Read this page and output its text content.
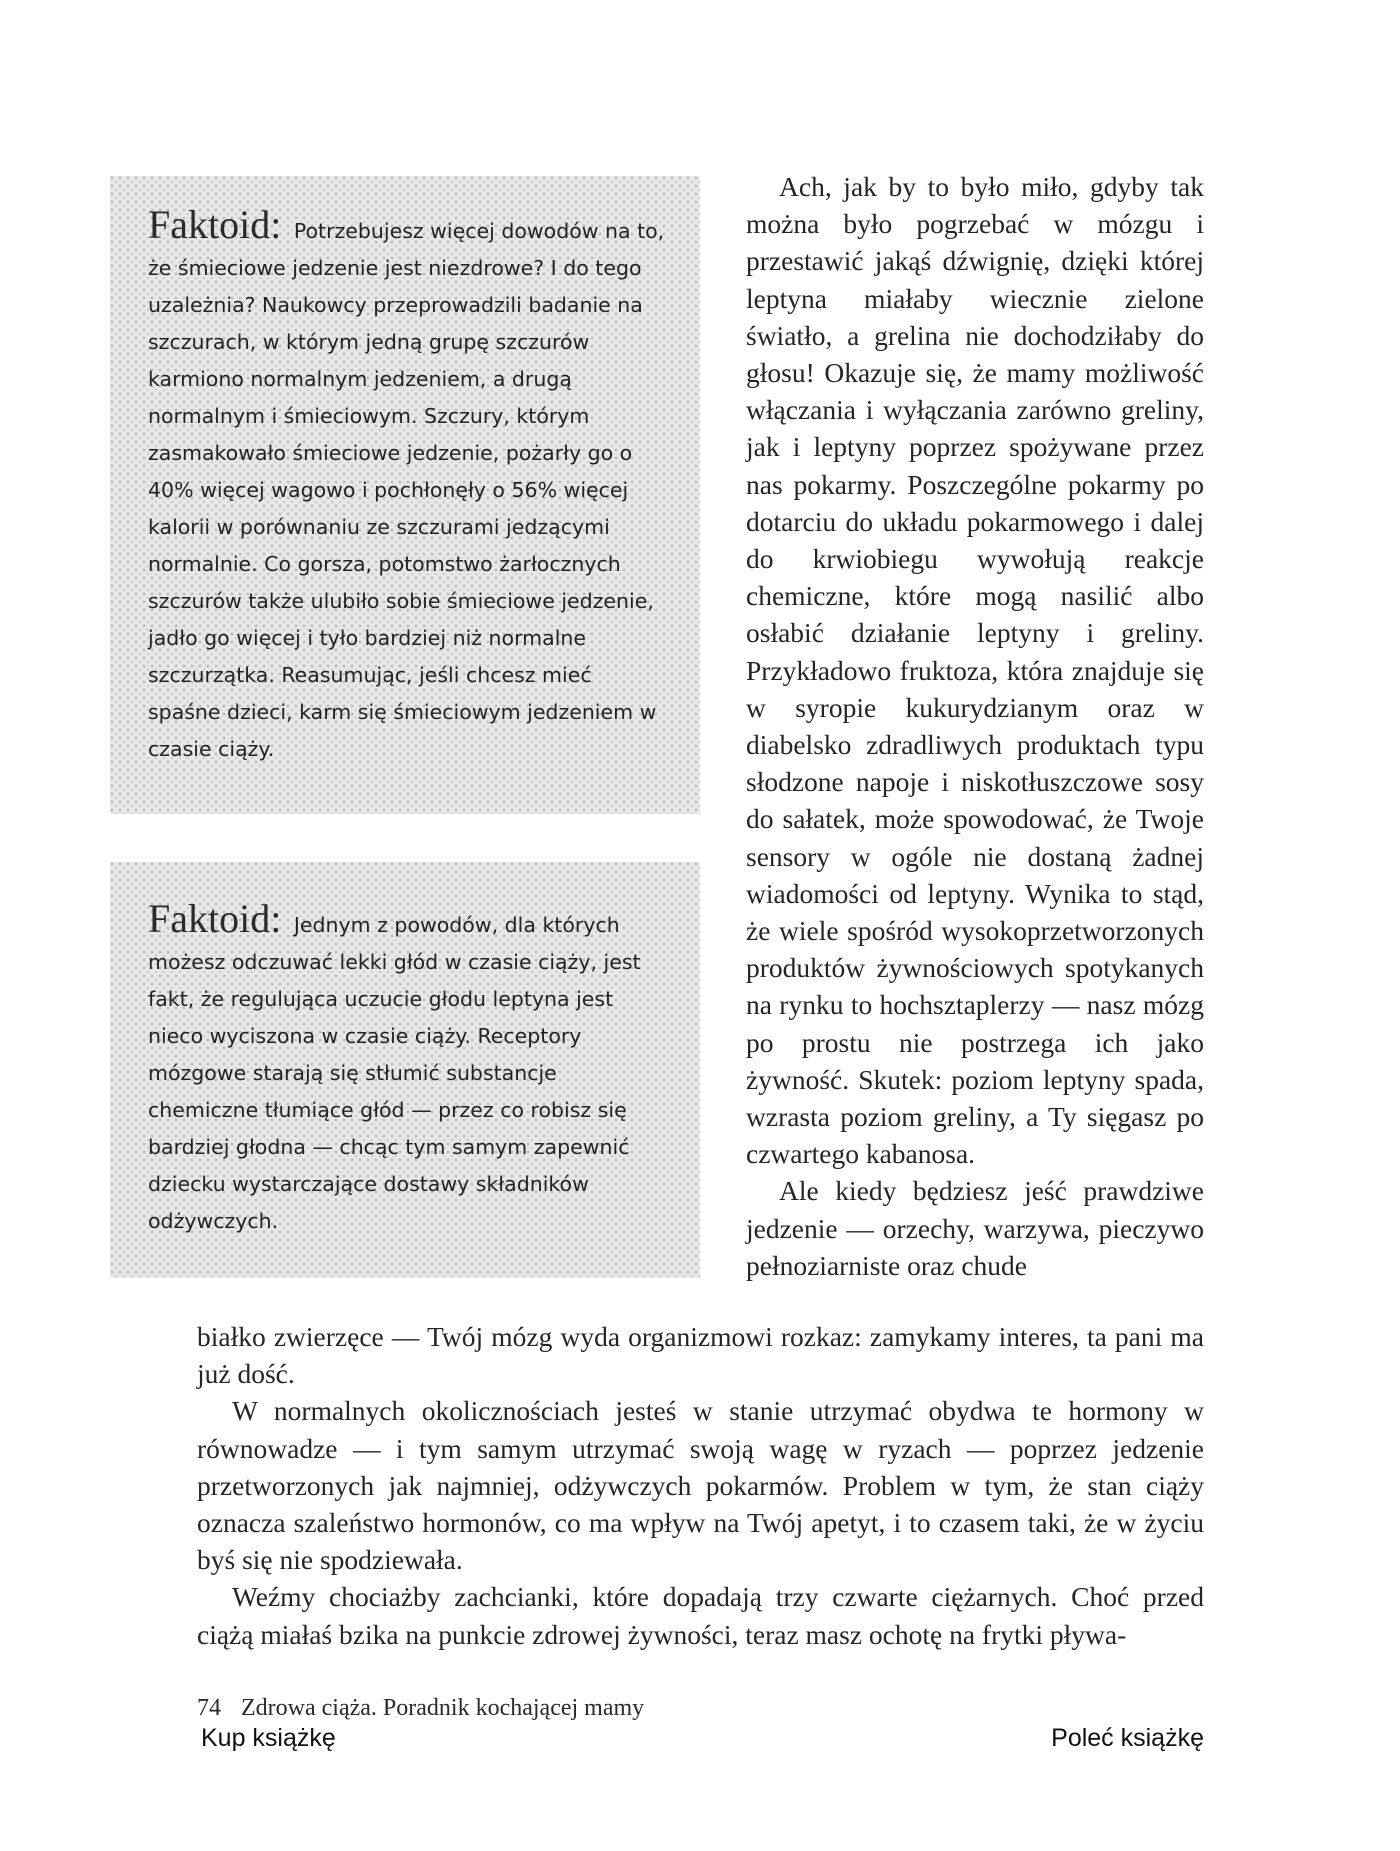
Faktoid: Potrzebujesz więcej dowodów na to, że śmieciowe jedzenie jest niezdrowe? I do tego uzależnia? Naukowcy przeprowadzili badanie na szczurach, w którym jedną grupę szczurów karmiono normalnym jedzeniem, a drugą normalnym i śmieciowym. Szczury, którym zasmakowało śmieciowe jedzenie, pożarły go o 40% więcej wagowo i pochłonęły o 56% więcej kalorii w porównaniu ze szczurami jedzącymi normalnie. Co gorsza, potomstwo żarłocznych szczurów także ulubiło sobie śmieciowe jedzenie, jadło go więcej i tyło bardziej niż normalne szczurzątka. Reasumując, jeśli chcesz mieć spaśne dzieci, karm się śmieciowym jedzeniem w czasie ciąży.
Faktoid: Jednym z powodów, dla których możesz odczuwać lekki głód w czasie ciąży, jest fakt, że regulująca uczucie głodu leptyna jest nieco wyciszona w czasie ciąży. Receptory mózgowe starają się stłumić substancje chemiczne tłumiące głód — przez co robisz się bardziej głodna — chcąc tym samym zapewnić dziecku wystarczające dostawy składników odżywczych.

Ach, jak by to było miło, gdyby tak można było pogrzebać w mózgu i przestawić jakąś dźwignię, dzięki której leptyna miałaby wiecznie zielone światło, a grelina nie dochodziłaby do głosu! Okazuje się, że mamy możliwość włączania i wyłączania zarówno greliny, jak i leptyny poprzez spożywane przez nas pokarmy. Poszczególne pokarmy po dotarciu do układu pokarmowego i dalej do krwiobiegu wywołują reakcje chemiczne, które mogą nasilić albo osłabić działanie leptyny i greliny. Przykładowo fruktoza, która znajduje się w syropie kukurydzianym oraz w diabelsko zdradliwych produktach typu słodzone napoje i niskotłuszczowe sosy do sałatek, może spowodować, że Twoje sensory w ogóle nie dostaną żadnej wiadomości od leptyny. Wynika to stąd, że wiele spośród wysokoprzetworzonych produktów żywnościowych spotykanych na rynku to hochsztaplerzy — nasz mózg po prostu nie postrzega ich jako żywność. Skutek: poziom leptyny spada, wzrasta poziom greliny, a Ty sięgasz po czwartego kabanosa.

Ale kiedy będziesz jeść prawdziwe jedzenie — orzechy, warzywa, pieczywo pełnoziarniste oraz chude

białko zwierzęce — Twój mózg wyda organizmowi rozkaz: zamykamy interes, ta pani ma już dość.

W normalnych okolicznościach jesteś w stanie utrzymać obydwa te hormony w równowadze — i tym samym utrzymać swoją wagę w ryzach — poprzez jedzenie przetworzonych jak najmniej, odżywczych pokarmów. Problem w tym, że stan ciąży oznacza szaleństwo hormonów, co ma wpływ na Twój apetyt, i to czasem taki, że w życiu byś się nie spodziewała.

Weźmy chociażby zachcianki, które dopadają trzy czwarte ciężarnych. Choć przed ciążą miałaś bzika na punkcie zdrowej żywności, teraz masz ochotę na frytki pływa-

74 Zdrowa ciąża. Poradnik kochającej mamy
Kup książkę	Poleć książkę
